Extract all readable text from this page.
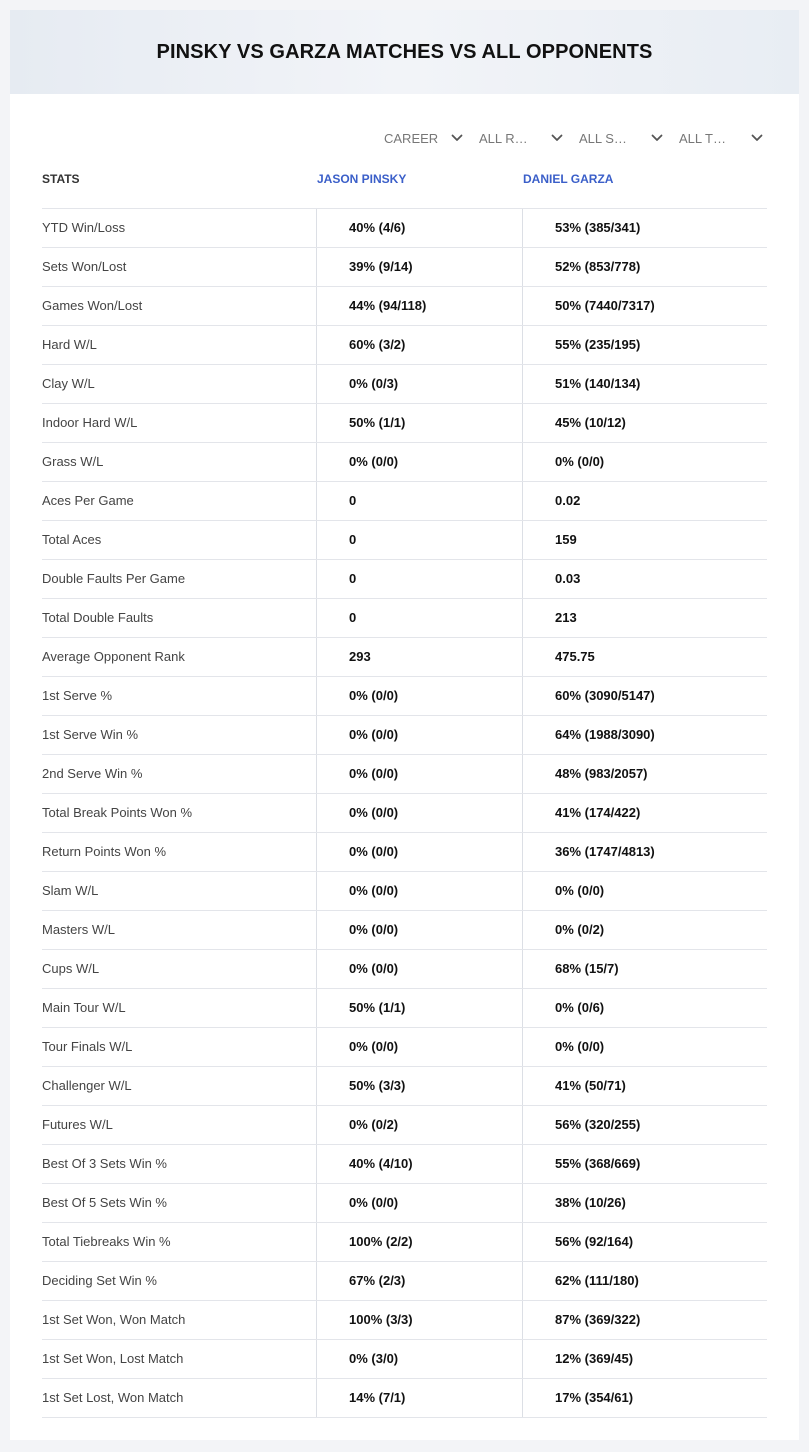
PINSKY VS GARZA MATCHES VS ALL OPPONENTS
CAREER	ALL R…	ALL S…	ALL T…
STATS	JASON PINSKY	DANIEL GARZA
YTD Win/Loss	40% (4/6)	53% (385/341)
Sets Won/Lost	39% (9/14)	52% (853/778)
Games Won/Lost	44% (94/118)	50% (7440/7317)
Hard W/L	60% (3/2)	55% (235/195)
Clay W/L	0% (0/3)	51% (140/134)
Indoor Hard W/L	50% (1/1)	45% (10/12)
Grass W/L	0% (0/0)	0% (0/0)
Aces Per Game	0	0.02
Total Aces	0	159
Double Faults Per Game	0	0.03
Total Double Faults	0	213
Average Opponent Rank	293	475.75
1st Serve %	0% (0/0)	60% (3090/5147)
1st Serve Win %	0% (0/0)	64% (1988/3090)
2nd Serve Win %	0% (0/0)	48% (983/2057)
Total Break Points Won %	0% (0/0)	41% (174/422)
Return Points Won %	0% (0/0)	36% (1747/4813)
Slam W/L	0% (0/0)	0% (0/0)
Masters W/L	0% (0/0)	0% (0/2)
Cups W/L	0% (0/0)	68% (15/7)
Main Tour W/L	50% (1/1)	0% (0/6)
Tour Finals W/L	0% (0/0)	0% (0/0)
Challenger W/L	50% (3/3)	41% (50/71)
Futures W/L	0% (0/2)	56% (320/255)
Best Of 3 Sets Win %	40% (4/10)	55% (368/669)
Best Of 5 Sets Win %	0% (0/0)	38% (10/26)
Total Tiebreaks Win %	100% (2/2)	56% (92/164)
Deciding Set Win %	67% (2/3)	62% (111/180)
1st Set Won, Won Match	100% (3/3)	87% (369/322)
1st Set Won, Lost Match	0% (3/0)	12% (369/45)
1st Set Lost, Won Match	14% (7/1)	17% (354/61)
